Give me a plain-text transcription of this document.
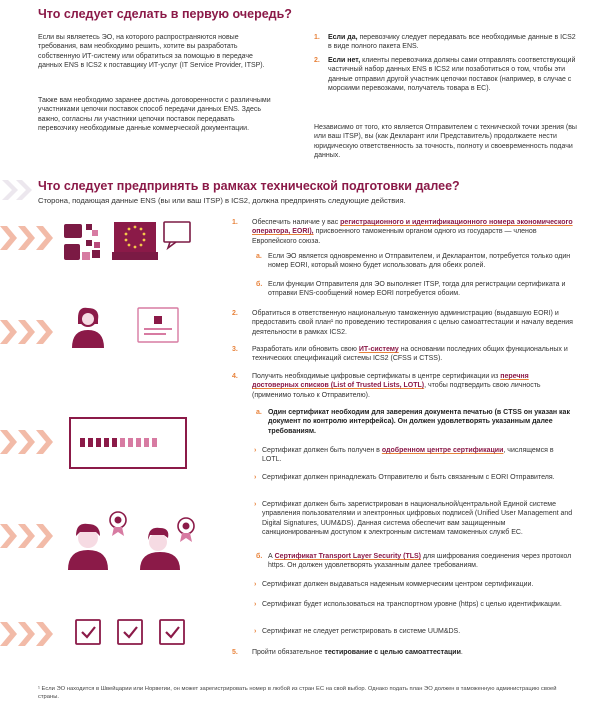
Что следует сделать в первую очередь?
Если вы являетесь ЭО, на которого распространяются новые требования, вам необходимо решить, хотите вы разработать собственную ИТ-систему или обратиться за помощью в передаче данных ENS в ICS2 к поставщику ИТ-услуг (IT Service Provider, ITSP).
Также вам необходимо заранее достичь договоренности с различными участниками цепочки поставок способ передачи данных ENS. Здесь важно, согласны ли участники цепочки поставок передавать перевозчику необходимые данные коммерческой документации.
1. Если да, перевозчику следует передавать все необходимые данные в ICS2 в виде полного пакета ENS.
2. Если нет, клиенты перевозчика должны сами отправлять соответствующий частичный набор данных ENS в ICS2 или позаботиться о том, чтобы эти данные отправил другой участник цепочки поставок (например, в случае с морскими перевозками, получатель товара в ЕС).
Независимо от того, кто является Отправителем с технической точки зрения (вы или ваш ITSP), вы (как Декларант или Представитель) продолжаете нести юридическую ответственность за точность, полноту и своевременность подачи данных.
Что следует предпринять в рамках технической подготовки далее?
Сторона, подающая данные ENS (вы или ваш ITSP) в ICS2, должна предпринять следующие действия.
1. Обеспечить наличие у вас регистрационного и идентификационного номера экономического оператора, EORI), присвоенного таможенным органом одного из государств — членов Европейского союза.
a. Если ЭО является одновременно и Отправителем, и Декларантом, потребуется только один номер EORI, который можно будет использовать для обеих ролей.
б. Если функции Отправителя для ЭО выполняет ITSP, тогда для регистрации сертификата и отправки ENS-сообщений номер EORI потребуется обоим.
2. Обратиться в ответственную национальную таможенную администрацию (выдавшую EORI) и предоставить свой план¹ по проведению тестирования с целью самоаттестации и началу ведения деятельности в рамках ICS2.
3. Разработать или обновить свою ИТ-систему на основании последних общих функциональных и технических спецификаций системы ICS2 (CFSS и CTSS).
4. Получить необходимые цифровые сертификаты в центре сертификации из перечня достоверных списков (List of Trusted Lists, LOTL), чтобы подтвердить свою личность (применимо только к Отправителю).
a. Один сертификат необходим для заверения документа печатью (в CTSS он указан как документ по контролю интерфейса). Он должен удовлетворять указанным далее требованиям.
› Сертификат должен быть получен в одобренном центре сертификации, числящемся в LOTL.
› Сертификат должен принадлежать Отправителю и быть связанным с EORI Отправителя.
› Сертификат должен быть зарегистрирован в национальной/центральной Единой системе управления пользователями и электронных цифровых подписей (Unified User Management and Digital Signatures, UUM&DS). Данная система обеспечит вам защищенным санкционированным доступом к электронным системам таможенных служб ЕС.
б. А Сертификат Transport Layer Security (TLS) для шифрования соединения через протокол https. Он должен удовлетворять указанным далее требованиям.
› Сертификат должен выдаваться надежным коммерческим центром сертификации.
› Сертификат будет использоваться на транспортном уровне (https) с целью идентификации.
› Сертификат не следует регистрировать в системе UUM&DS.
5. Пройти обязательное тестирование с целью самоаттестации.
¹ Если ЭО находится в Швейцарии или Норвегии, он может зарегистрировать номер в любой из стран ЕС на свой выбор. Однако подать план ЭО должен в таможенную администрацию своей страны.
